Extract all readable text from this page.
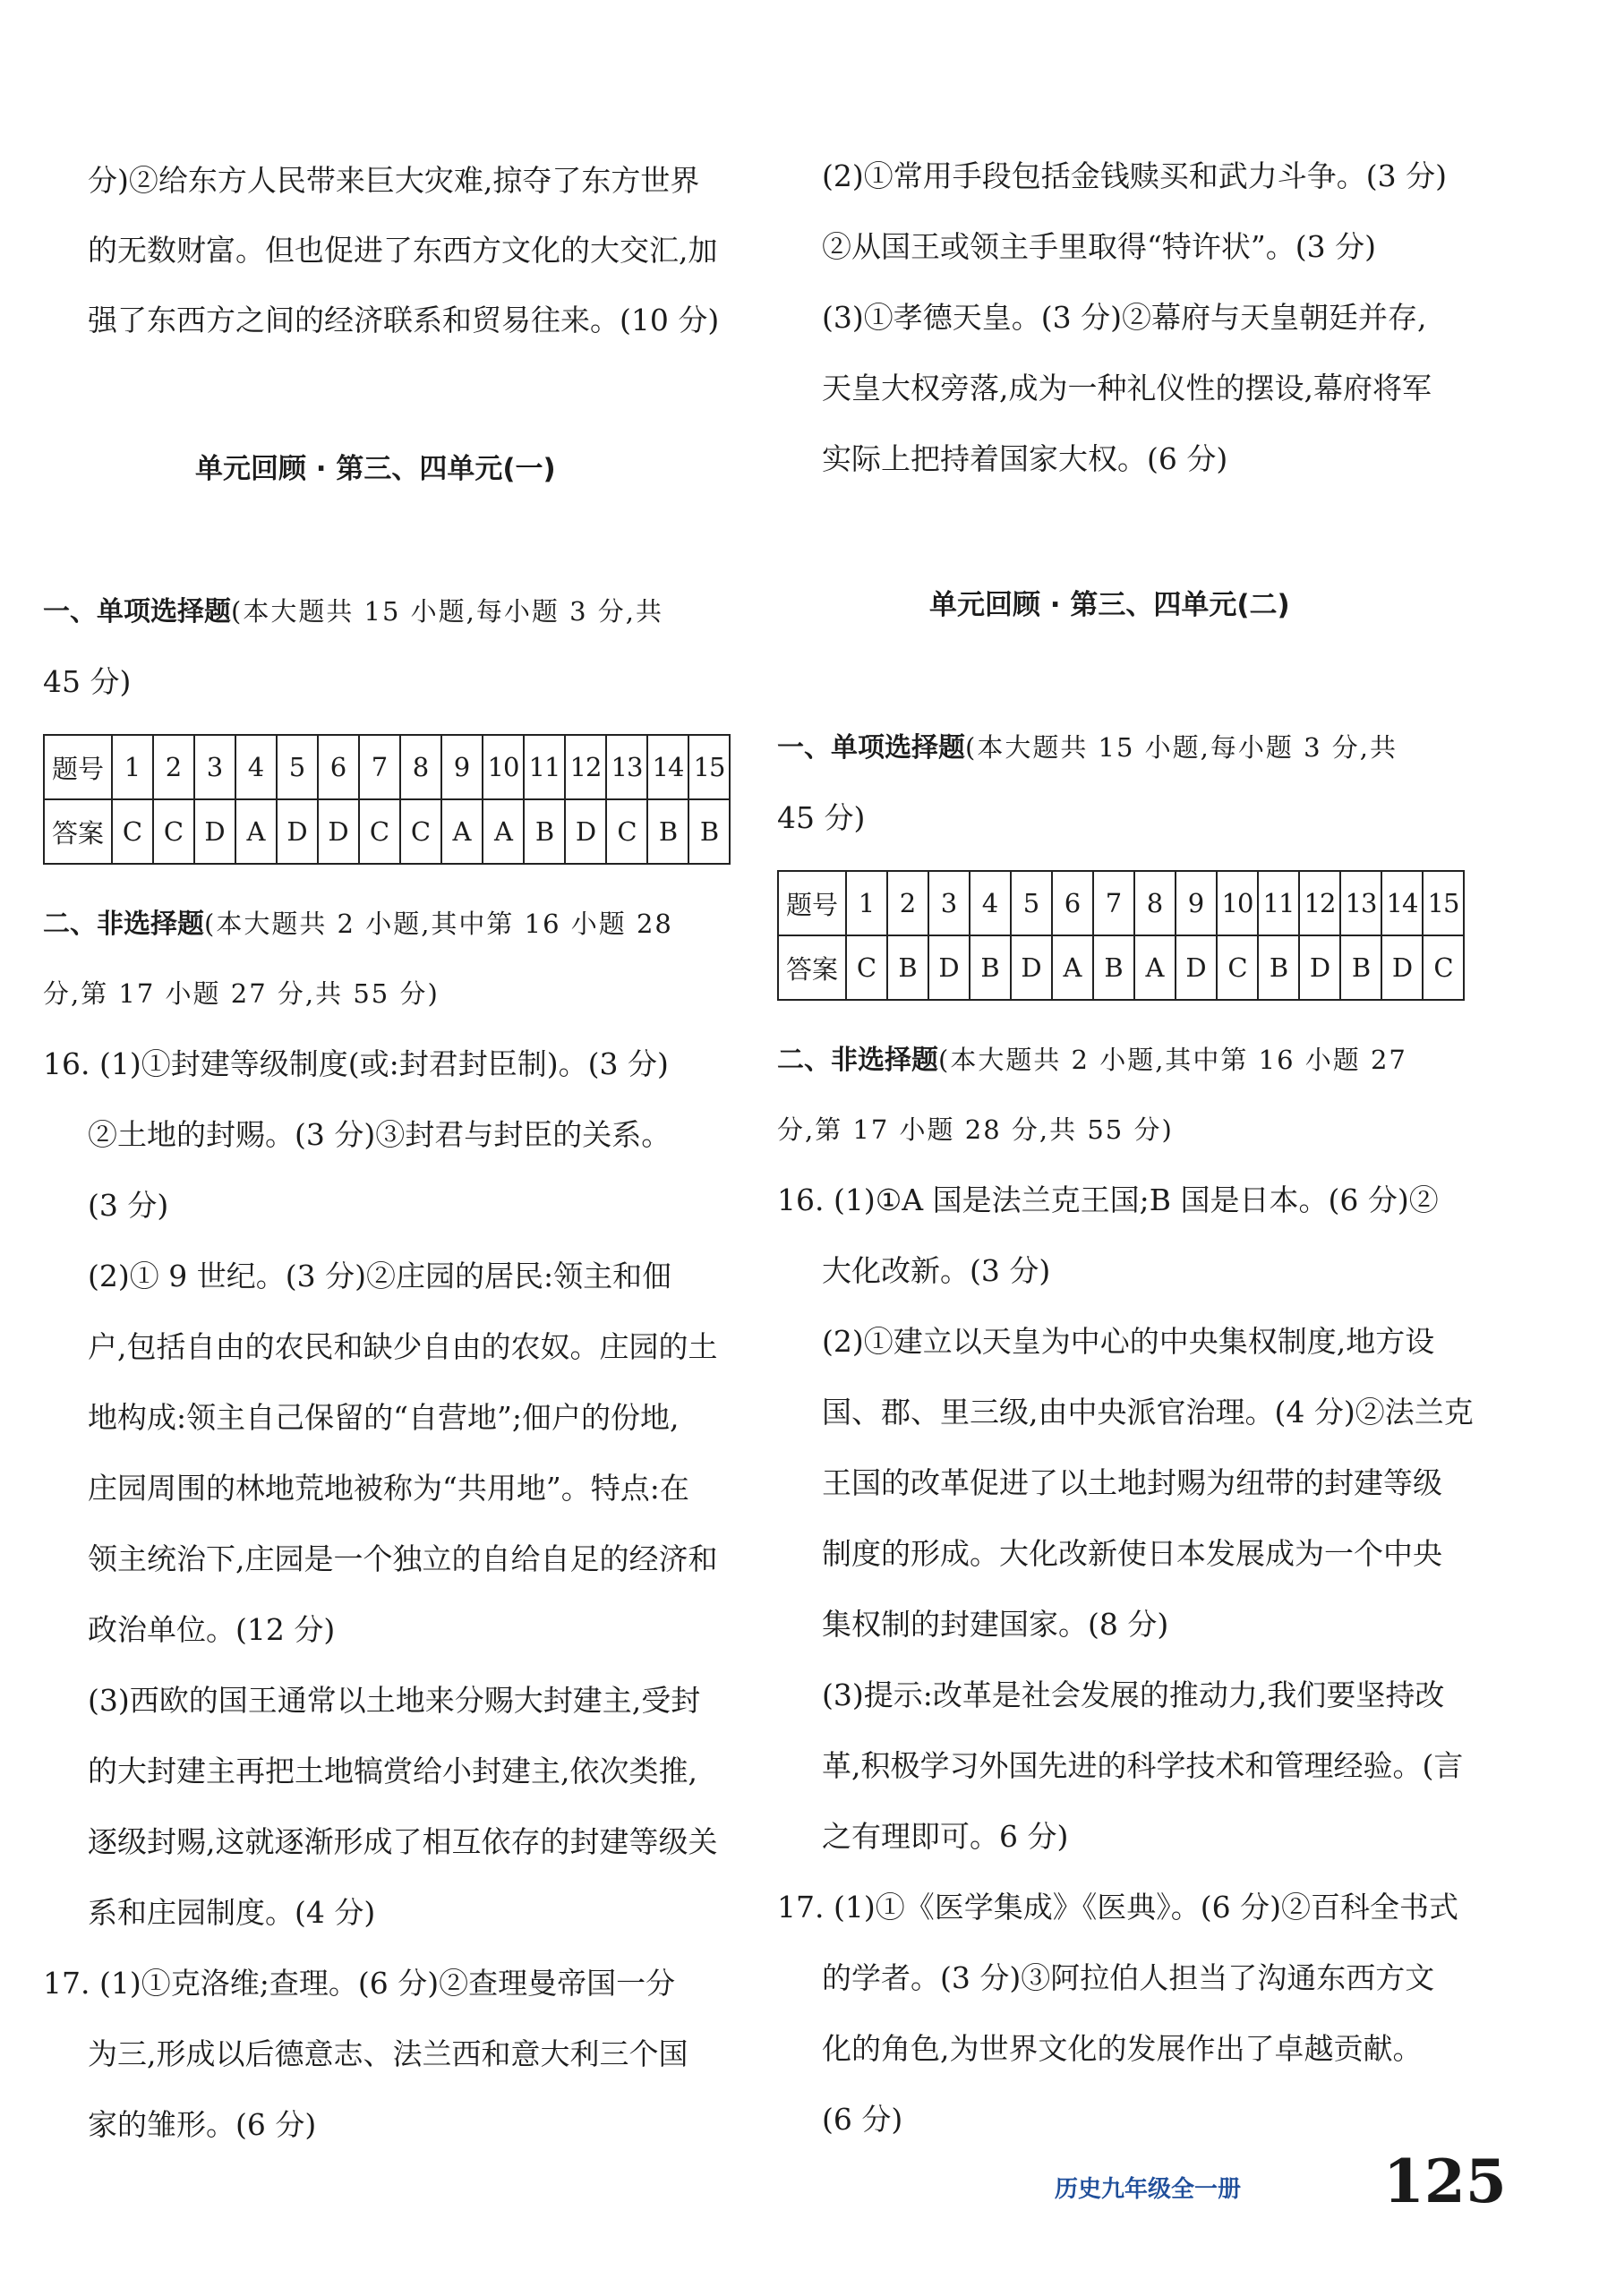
分)②给东方人民带来巨大灾难,掠夺了东方世界
的无数财富。但也促进了东西方文化的大交汇,加
强了东西方之间的经济联系和贸易往来。(10 分)
单元回顾 · 第三、四单元(一)
一、单项选择题(本大题共 15 小题,每小题 3 分,共
45 分)
题号	1	2	3	4	5	6	7	8	9	10	11	12	13	14	15
答案	C	C	D	A	D	D	C	C	A	A	B	D	C	B	B
二、非选择题(本大题共 2 小题,其中第 16 小题 28
分,第 17 小题 27 分,共 55 分)
16. (1)①封建等级制度(或:封君封臣制)。(3 分)
②土地的封赐。(3 分)③封君与封臣的关系。
(3 分)
(2)① 9 世纪。(3 分)②庄园的居民:领主和佃
户,包括自由的农民和缺少自由的农奴。庄园的土
地构成:领主自己保留的“自营地”;佃户的份地,
庄园周围的林地荒地被称为“共用地”。特点:在
领主统治下,庄园是一个独立的自给自足的经济和
政治单位。(12 分)
(3)西欧的国王通常以土地来分赐大封建主,受封
的大封建主再把土地犒赏给小封建主,依次类推,
逐级封赐,这就逐渐形成了相互依存的封建等级关
系和庄园制度。(4 分)
17. (1)①克洛维;查理。(6 分)②查理曼帝国一分
为三,形成以后德意志、法兰西和意大利三个国
家的雏形。(6 分)
(2)①常用手段包括金钱赎买和武力斗争。(3 分)
②从国王或领主手里取得“特许状”。(3 分)
(3)①孝德天皇。(3 分)②幕府与天皇朝廷并存,
天皇大权旁落,成为一种礼仪性的摆设,幕府将军
实际上把持着国家大权。(6 分)
单元回顾 · 第三、四单元(二)
一、单项选择题(本大题共 15 小题,每小题 3 分,共
45 分)
题号	1	2	3	4	5	6	7	8	9	10	11	12	13	14	15
答案	C	B	D	B	D	A	B	A	D	C	B	D	B	D	C
二、非选择题(本大题共 2 小题,其中第 16 小题 27
分,第 17 小题 28 分,共 55 分)
16. (1)①A 国是法兰克王国;B 国是日本。(6 分)②
大化改新。(3 分)
(2)①建立以天皇为中心的中央集权制度,地方设
国、郡、里三级,由中央派官治理。(4 分)②法兰克
王国的改革促进了以土地封赐为纽带的封建等级
制度的形成。大化改新使日本发展成为一个中央
集权制的封建国家。(8 分)
(3)提示:改革是社会发展的推动力,我们要坚持改
革,积极学习外国先进的科学技术和管理经验。(言
之有理即可。6 分)
17. (1)①《医学集成》《医典》。(6 分)②百科全书式
的学者。(3 分)③阿拉伯人担当了沟通东西方文
化的角色,为世界文化的发展作出了卓越贡献。
(6 分)
历史九年级全一册 125
